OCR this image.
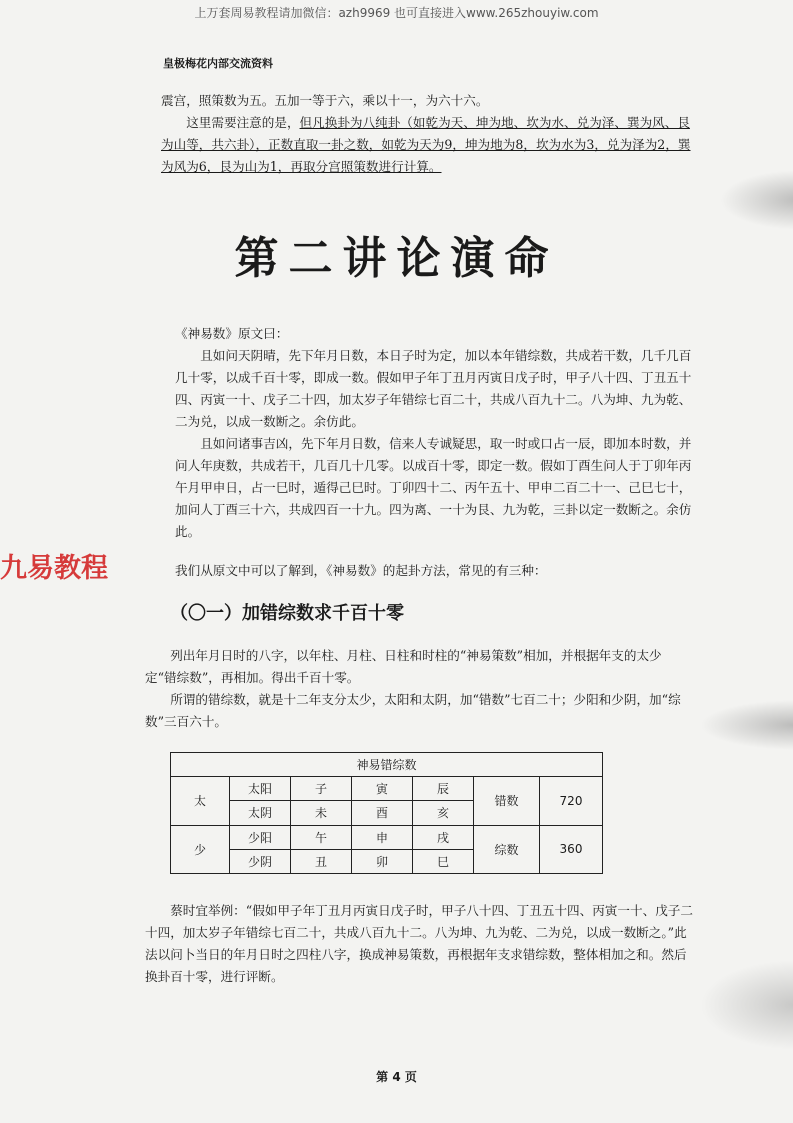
上万套周易教程请加微信：azh9969 也可直接进入www.265zhouyiw.com
皇极梅花内部交流资料
震宫，照策数为五。五加一等于六，乘以十一，为六十六。
这里需要注意的是，但凡换卦为八纯卦（如乾为天、坤为地、坎为水、兑为泽、巽为风、艮为山等，共六卦），正数直取一卦之数，如乾为天为9，坤为地为8，坎为水为3，兑为泽为2，巽为风为6，艮为山为1，再取分宫照策数进行计算。
第二讲论演命
《神易数》原文曰：
且如问天阴晴，先下年月日数，本日子时为定，加以本年错综数，共成若干数，几千几百几十零，以成千百十零，即成一数。假如甲子年丁丑月丙寅日戊子时，甲子八十四、丁丑五十四、丙寅一十、戊子二十四，加太岁子年错综七百二十，共成八百九十二。八为坤、九为乾、二为兑，以成一数断之。余仿此。
且如问诸事吉凶，先下年月日数，信来人专诚疑思，取一时或口占一辰，即加本时数，并问人年庚数，共成若干，几百几十几零。以成百十零，即定一数。假如丁酉生问人于丁卯年丙午月甲申日，占一巳时，遁得己巳时。丁卯四十二、丙午五十、甲申二百二十一、己巳七十，加问人丁酉三十六，共成四百一十九。四为离、一十为艮、九为乾，三卦以定一数断之。余仿此。
九易教程	我们从原文中可以了解到，《神易数》的起卦方法，常见的有三种：
（〇一）加错综数求千百十零
列出年月日时的八字，以年柱、月柱、日柱和时柱的“神易策数”相加，并根据年支的太少定“错综数”，再相加。得出千百十零。
所谓的错综数，就是十二年支分太少，太阳和太阴，加“错数”七百二十；少阳和少阴，加“综数”三百六十。
神易错综数						
太	太阳	子	寅	辰	错数	720
	太阴	未	酉	亥		
少	少阳	午	申	戌	综数	360
	少阴	丑	卯	巳		
蔡时宜举例：“假如甲子年丁丑月丙寅日戊子时，甲子八十四、丁丑五十四、丙寅一十、戊子二十四，加太岁子年错综七百二十，共成八百九十二。八为坤、九为乾、二为兑，以成一数断之。”此法以问卜当日的年月日时之四柱八字，换成神易策数，再根据年支求错综数，整体相加之和。然后换卦百十零，进行评断。
第 4 页
